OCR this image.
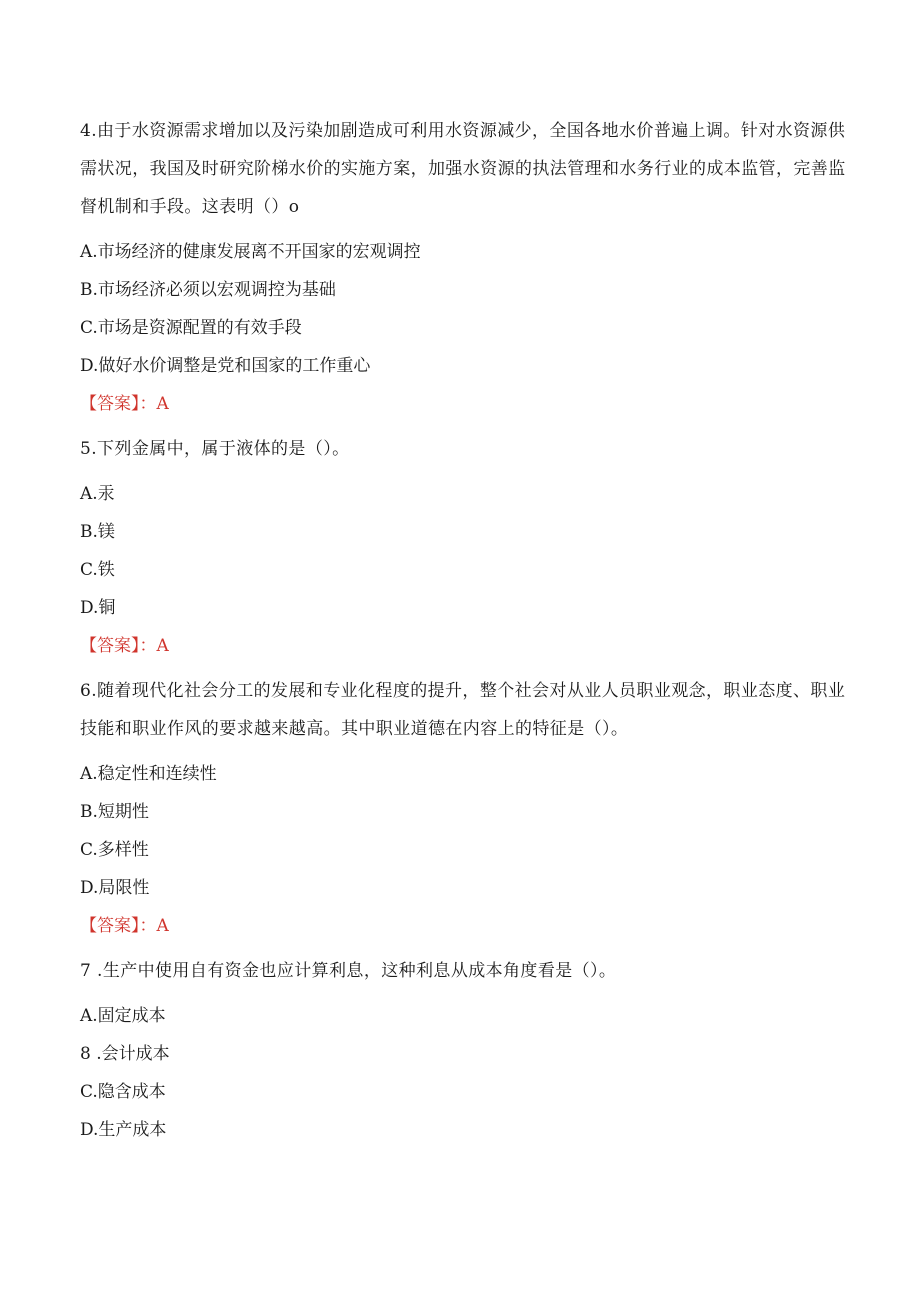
4.由于水资源需求增加以及污染加剧造成可利用水资源减少，全国各地水价普遍上调。针对水资源供需状况，我国及时研究阶梯水价的实施方案，加强水资源的执法管理和水务行业的成本监管，完善监督机制和手段。这表明（）o

A.市场经济的健康发展离不开国家的宏观调控

B.市场经济必须以宏观调控为基础

C.市场是资源配置的有效手段

D.做好水价调整是党和国家的工作重心

【答案】：A

5.下列金属中，属于液体的是（）。

A.汞

B.镁

C.铁

D.铜

【答案】：A

6.随着现代化社会分工的发展和专业化程度的提升，整个社会对从业人员职业观念，职业态度、职业技能和职业作风的要求越来越高。其中职业道德在内容上的特征是（）。

A.稳定性和连续性

B.短期性

C.多样性

D.局限性

【答案】：A

7 .生产中使用自有资金也应计算利息，这种利息从成本角度看是（）。

A.固定成本

8 .会计成本

C.隐含成本

D.生产成本
